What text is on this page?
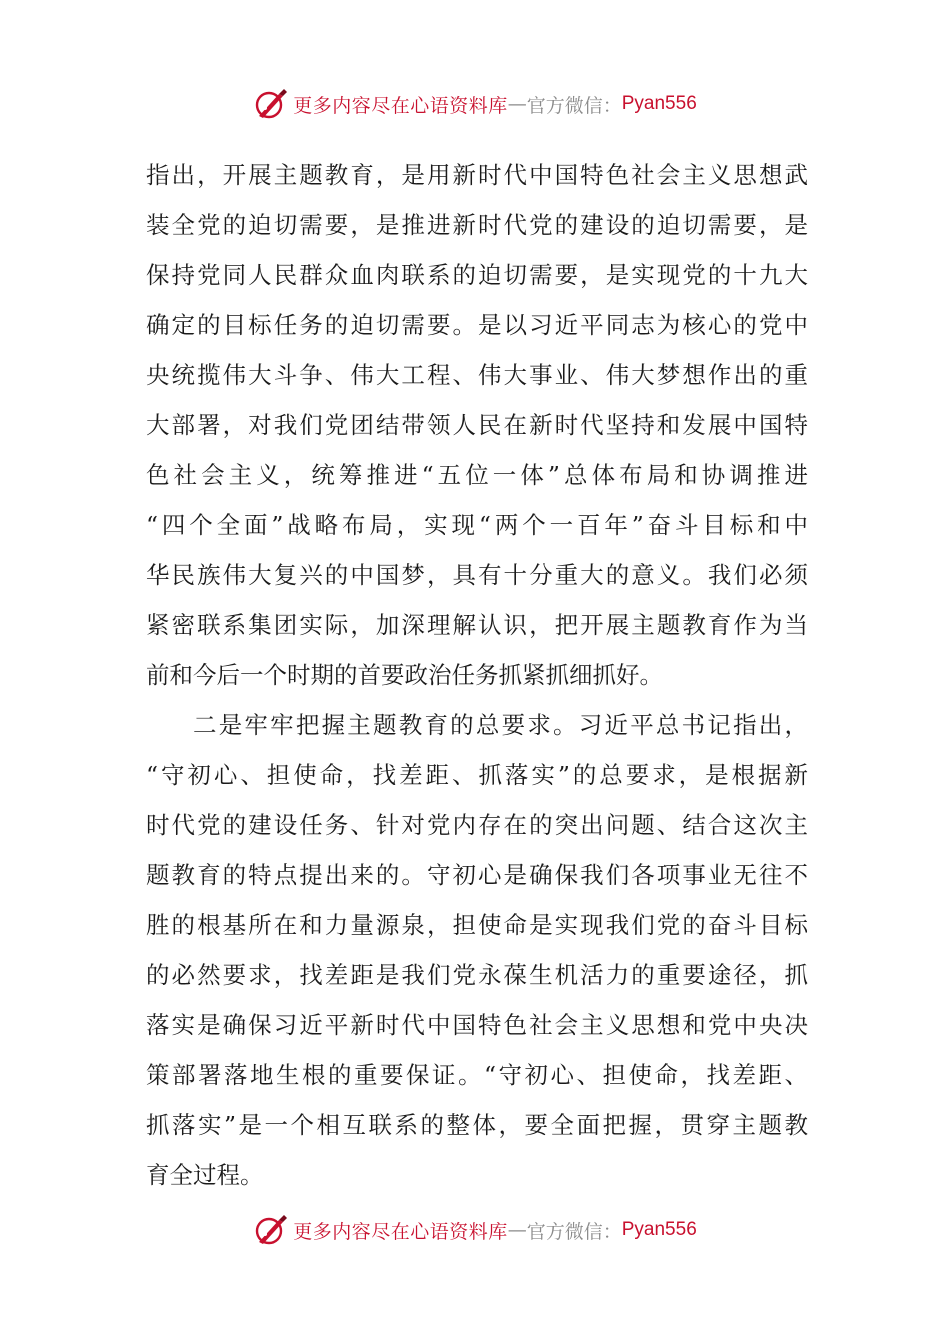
更多内容尽在心语资料库 — 官方微信： Pyan556
指出，开展主题教育，是用新时代中国特色社会主义思想武
装全党的迫切需要，是推进新时代党的建设的迫切需要，是
保持党同人民群众血肉联系的迫切需要，是实现党的十九大
确定的目标任务的迫切需要。是以习近平同志为核心的党中
央统揽伟大斗争、伟大工程、伟大事业、伟大梦想作出的重
大部署，对我们党团结带领人民在新时代坚持和发展中国特
色社会主义，统筹推进“五位一体”总体布局和协调推进
“四个全面”战略布局，实现“两个一百年”奋斗目标和中
华民族伟大复兴的中国梦，具有十分重大的意义。我们必须
紧密联系集团实际，加深理解认识，把开展主题教育作为当
前和今后一个时期的首要政治任务抓紧抓细抓好。
二是牢牢把握主题教育的总要求。习近平总书记指出，
“守初心、担使命，找差距、抓落实”的总要求，是根据新
时代党的建设任务、针对党内存在的突出问题、结合这次主
题教育的特点提出来的。守初心是确保我们各项事业无往不
胜的根基所在和力量源泉，担使命是实现我们党的奋斗目标
的必然要求，找差距是我们党永葆生机活力的重要途径，抓
落实是确保习近平新时代中国特色社会主义思想和党中央决
策部署落地生根的重要保证。“守初心、担使命，找差距、
抓落实”是一个相互联系的整体，要全面把握，贯穿主题教
育全过程。
更多内容尽在心语资料库 — 官方微信： Pyan556
